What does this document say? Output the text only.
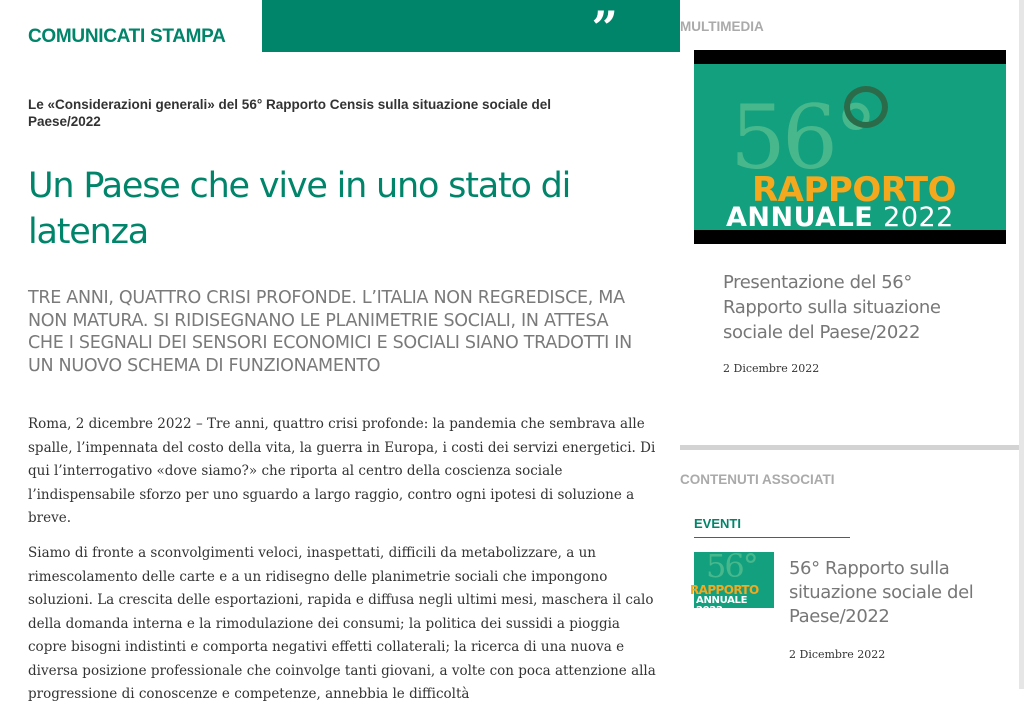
COMUNICATI STAMPA	”
Le «Considerazioni generali» del 56° Rapporto Censis sulla situazione sociale del Paese/2022
Un Paese che vive in uno stato di latenza
TRE ANNI, QUATTRO CRISI PROFONDE. L’ITALIA NON REGREDISCE, MA NON MATURA. SI RIDISEGNANO LE PLANIMETRIE SOCIALI, IN ATTESA CHE I SEGNALI DEI SENSORI ECONOMICI E SOCIALI SIANO TRADOTTI IN UN NUOVO SCHEMA DI FUNZIONAMENTO

Roma, 2 dicembre 2022 – Tre anni, quattro crisi profonde: la pandemia che sembrava alle spalle, l’impennata del costo della vita, la guerra in Europa, i costi dei servizi energetici. Di qui l’interrogativo «dove siamo?» che riporta al centro della coscienza sociale l’indispensabile sforzo per uno sguardo a largo raggio, contro ogni ipotesi di soluzione a breve.

Siamo di fronte a sconvolgimenti veloci, inaspettati, difficili da metabolizzare, a un rimescolamento delle carte e a un ridisegno delle planimetrie sociali che impongono soluzioni. La crescita delle esportazioni, rapida e diffusa negli ultimi mesi, maschera il calo della domanda interna e la rimodulazione dei consumi; la politica dei sussidi a pioggia copre bisogni indistinti e comporta negativi effetti collaterali; la ricerca di una nuova e diversa posizione professionale che coinvolge tanti giovani, a volte con poca attenzione alla progressione di conoscenze e competenze, annebbia le difficoltà

MULTIMEDIA
56°
RAPPORTO
ANNUALE 2022
Presentazione del 56° Rapporto sulla situazione sociale del Paese/2022
2 Dicembre 2022
CONTENUTI ASSOCIATI
EVENTI
56°
RAPPORTO
ANNUALE 2022
56° Rapporto sulla situazione sociale del Paese/2022
2 Dicembre 2022
